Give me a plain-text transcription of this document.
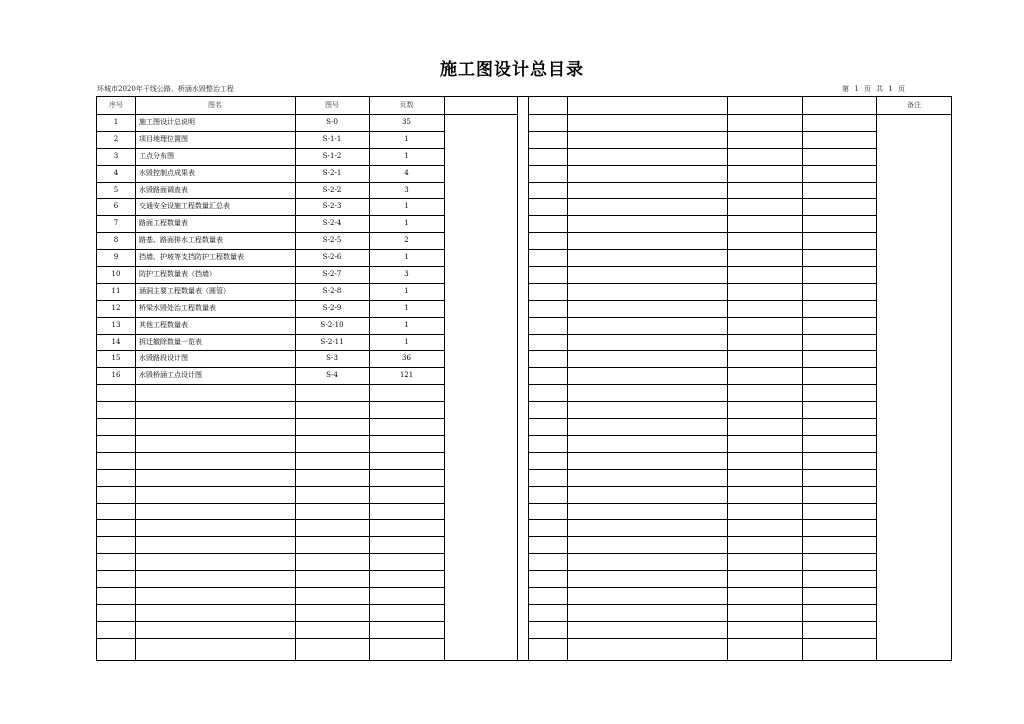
施工图设计总目录
环城市2020年干线公路、桥涵水毁整治工程	第 1 页 共 1 页
序号	图名	图号	页数	备注
1	施工图设计总说明	S-0	35
2	项目地理位置图	S-1-1	1
3	工点分布图	S-1-2	1
4	水毁控制点成果表	S-2-1	4
5	水毁路面调查表	S-2-2	3
6	交通安全设施工程数量汇总表	S-2-3	1
7	路面工程数量表	S-2-4	1
8	路基、路面排水工程数量表	S-2-5	2
9	挡墙、护坡等支挡防护工程数量表	S-2-6	1
10	防护工程数量表（挡墙）	S-2-7	3
11	涵洞主要工程数量表（圆管）	S-2-8	1
12	桥梁水毁处治工程数量表	S-2-9	1
13	其他工程数量表	S-2-10	1
14	拆迁撤除数量一览表	S-2-11	1
15	水毁路段设计图	S-3	36
16	水毁桥涵工点设计图	S-4	121
